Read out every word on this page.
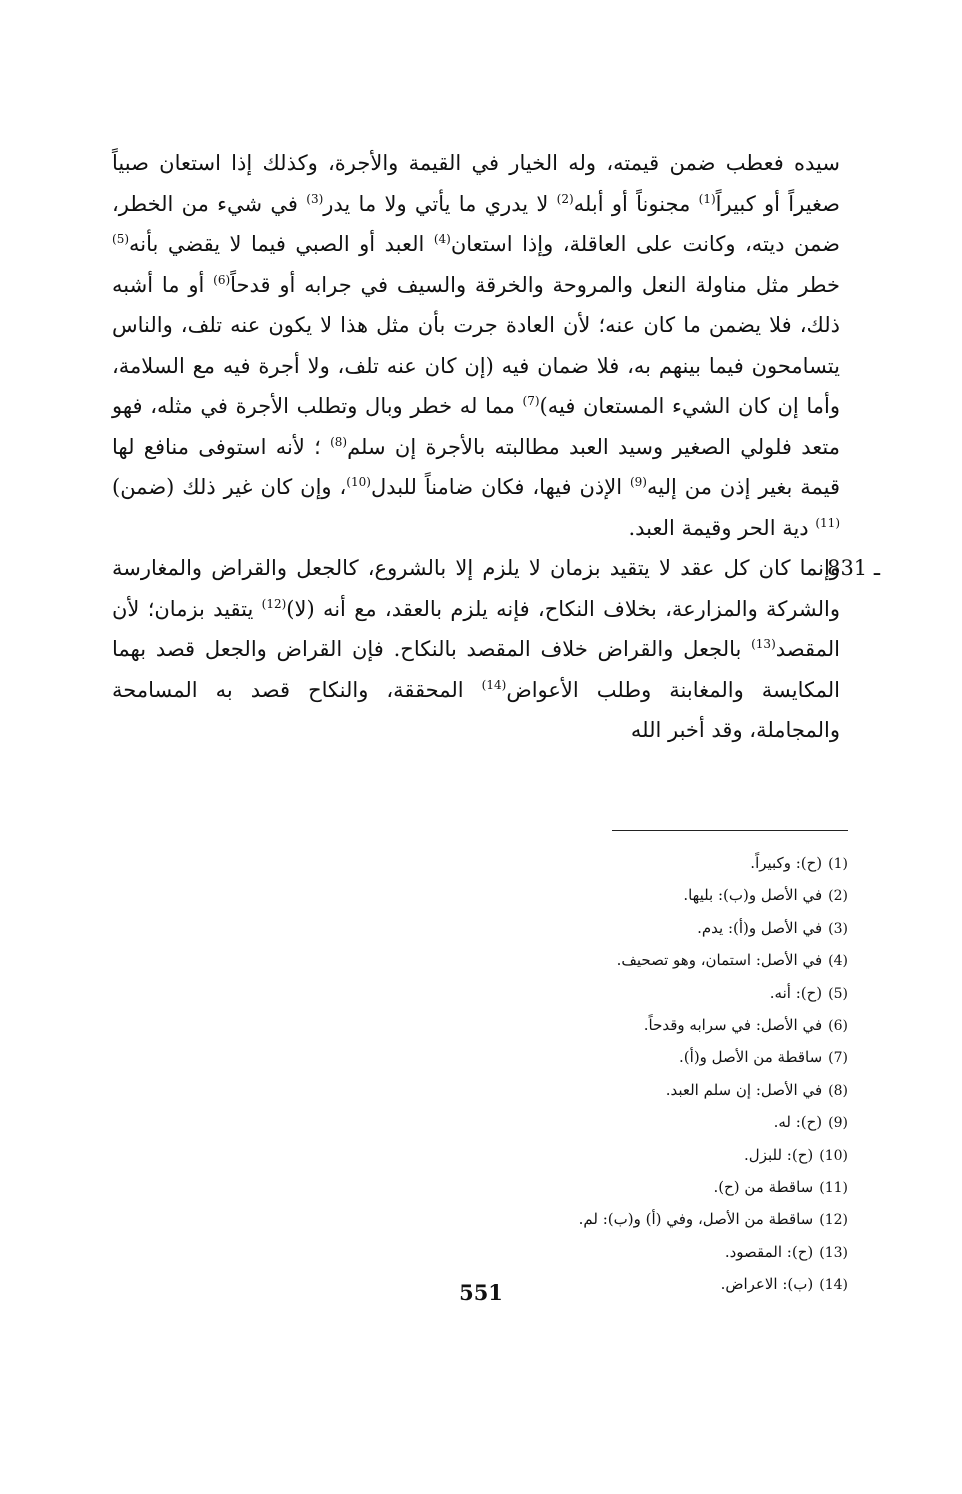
سيده فعطب ضمن قيمته، وله الخيار في القيمة والأجرة، وكذلك إذا استعان صبياً صغيراً أو كبيراً$^{(1)}$ مجنوناً أو أبله$^{(2)}$ لا يدري ما يأتي ولا ما يدر$^{(3)}$ في شيء من الخطر، ضمن ديته، وكانت على العاقلة، وإذا استعان$^{(4)}$ العبد أو الصبي فيما لا يقضي بأنه$^{(5)}$ خطر مثل مناولة النعل والمروحة والخرقة والسيف في جرابه أو قدحاً$^{(6)}$ أو ما أشبه ذلك، فلا يضمن ما كان عنه؛ لأن العادة جرت بأن مثل هذا لا يكون عنه تلف، والناس يتسامحون فيما بينهم به، فلا ضمان فيه (إن كان عنه تلف، ولا أجرة فيه مع السلامة، وأما إن كان الشيء المستعان فيه)$^{(7)}$ مما له خطر وبال وتطلب الأجرة في مثله، فهو متعد فلولي الصغير وسيد العبد مطالبته بالأجرة إن سلم$^{(8)}$ ؛ لأنه استوفى منافع لها قيمة بغير إذن من إليه$^{(9)}$ الإذن فيها، فكان ضامناً للبدل$^{(10)}$، وإن كان غير ذلك (ضمن)$^{(11)}$ دية الحر وقيمة العبد.

831 ـ
وإنما كان كل عقد لا يتقيد بزمان لا يلزم إلا بالشروع، كالجعل والقراض والمغارسة والشركة والمزارعة، بخلاف النكاح، فإنه يلزم بالعقد، مع أنه (لا)$^{(12)}$ يتقيد بزمان؛ لأن المقصد$^{(13)}$ بالجعل والقراض خلاف المقصد بالنكاح. فإن القراض والجعل قصد بهما المكايسة والمغابنة وطلب الأعواض$^{(14)}$ المحققة، والنكاح قصد به المسامحة والمجاملة، وقد أخبر الله

(1)(ح): وكبيراً.
(2)في الأصل و(ب): بليها.
(3)في الأصل و(أ): يدم.
(4)في الأصل: استمان، وهو تصحيف.
(5)(ح): أنه.
(6)في الأصل: في سرابه وقدحاً.
(7)ساقطة من الأصل و(أ).
(8)في الأصل: إن سلم العبد.
(9)(ح): له.
(10)(ح): للبزل.
(11)ساقطة من (ح).
(12)ساقطة من الأصل، وفي (أ) و(ب): لم.
(13)(ح): المقصود.
(14)(ب): الاعراض.
551
